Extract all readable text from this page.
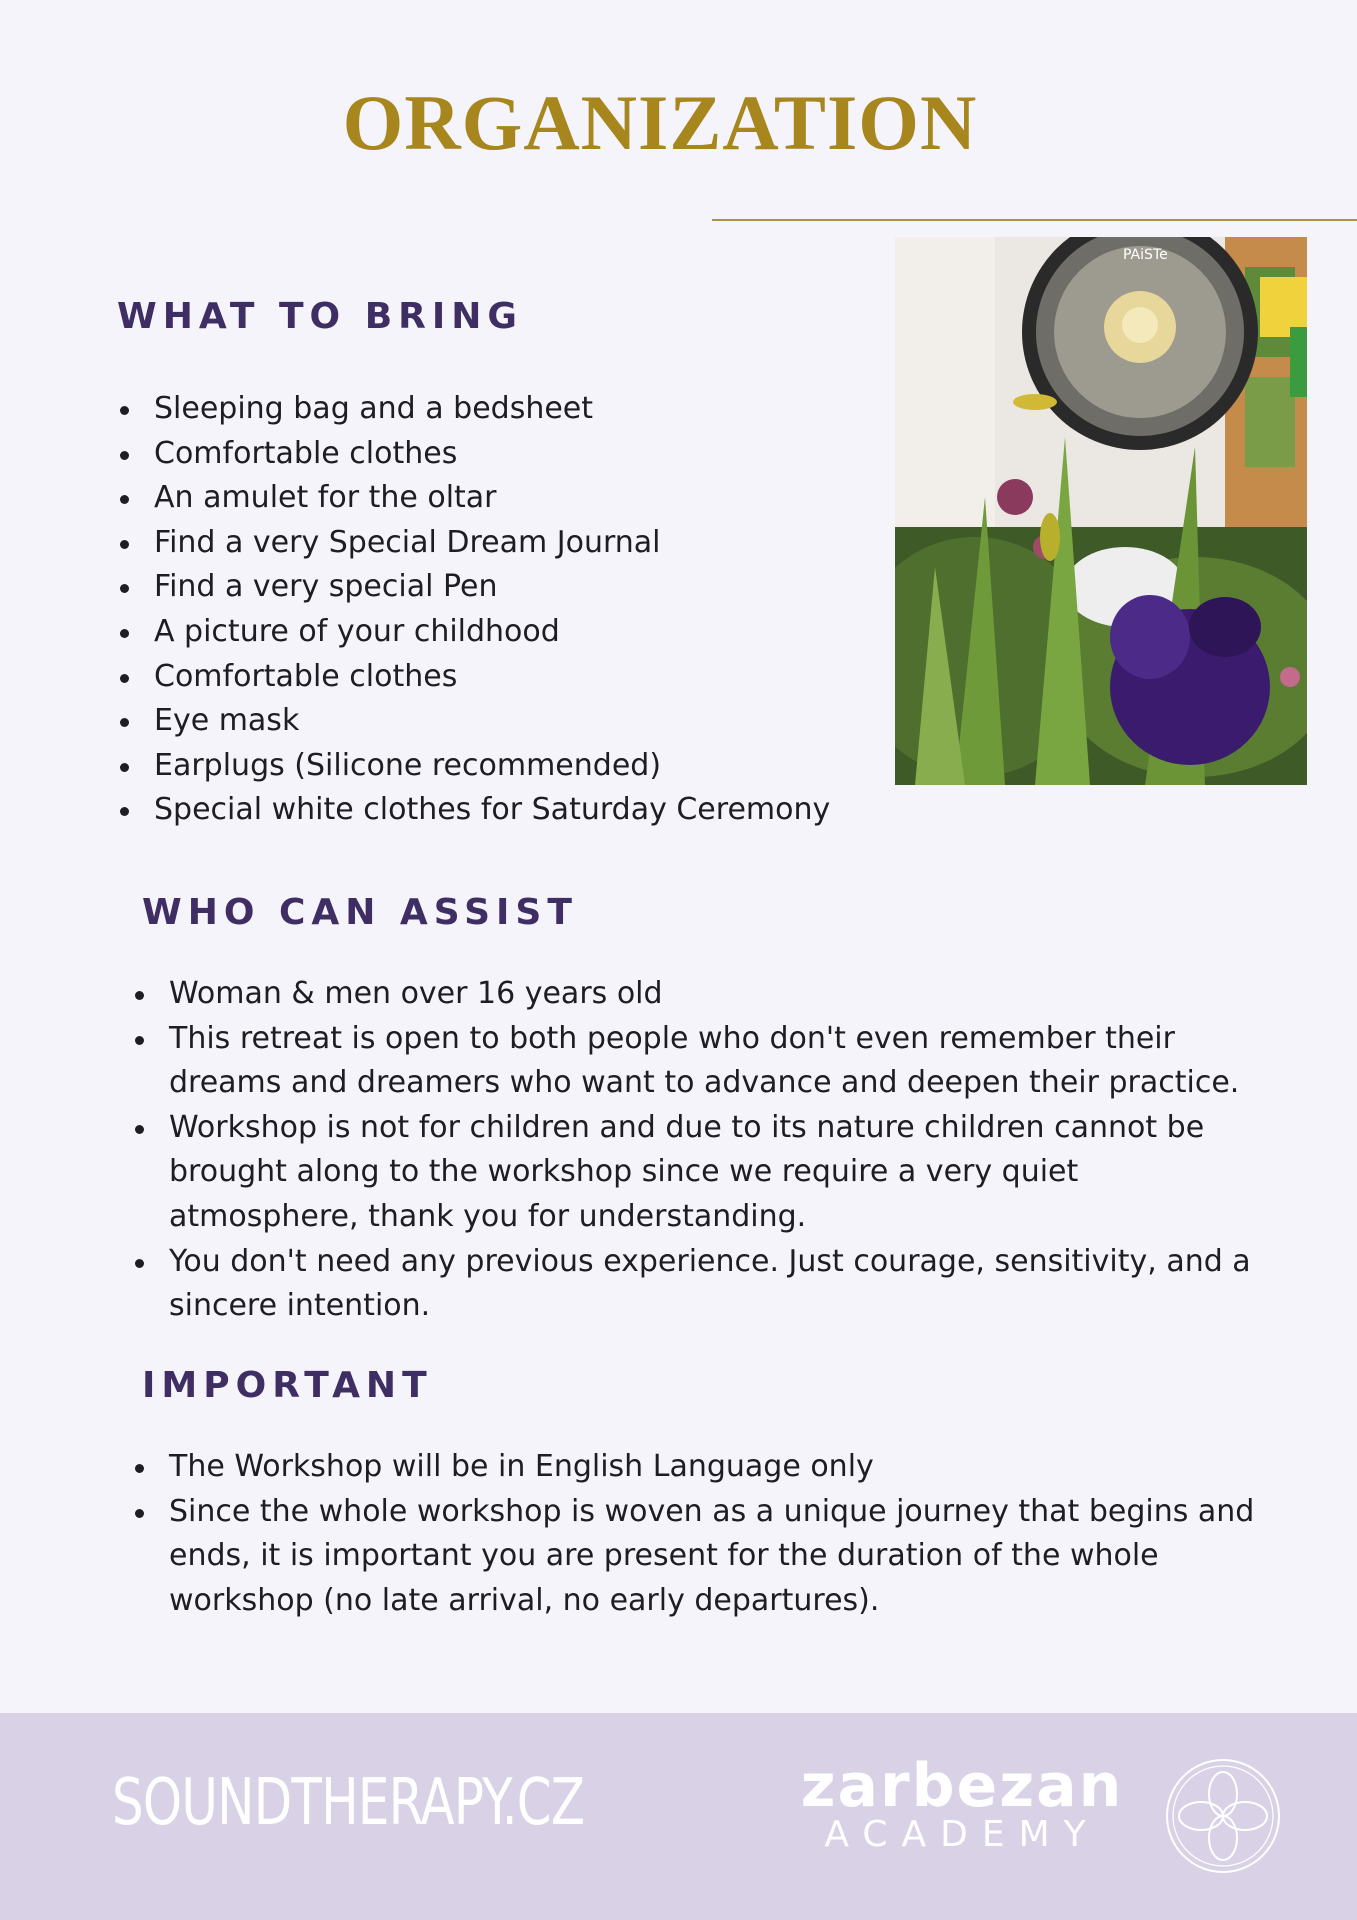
ORGANIZATION
PAiSTe
WHAT TO BRING
Sleeping bag and a bedsheet
Comfortable clothes
An amulet for the oltar
Find a very Special Dream Journal
Find a very special Pen
A picture of your childhood
Comfortable clothes
Eye mask
Earplugs (Silicone recommended)
Special white clothes for Saturday Ceremony
WHO CAN ASSIST
Woman & men over 16 years old
This retreat is open to both people who don't even remember their dreams and dreamers who want to advance and deepen their practice.
Workshop is not for children and due to its nature children cannot be brought along to the workshop since we require a very quiet atmosphere, thank you for understanding.
You don't need any previous experience. Just courage, sensitivity, and a sincere intention.
IMPORTANT
The Workshop will be in English Language only
Since the whole workshop is woven as a unique journey that begins and ends, it is important you are present for the duration of the whole workshop (no late arrival, no early departures).
SOUNDTHERAPY.CZ	zarbezan
ACADEMY
